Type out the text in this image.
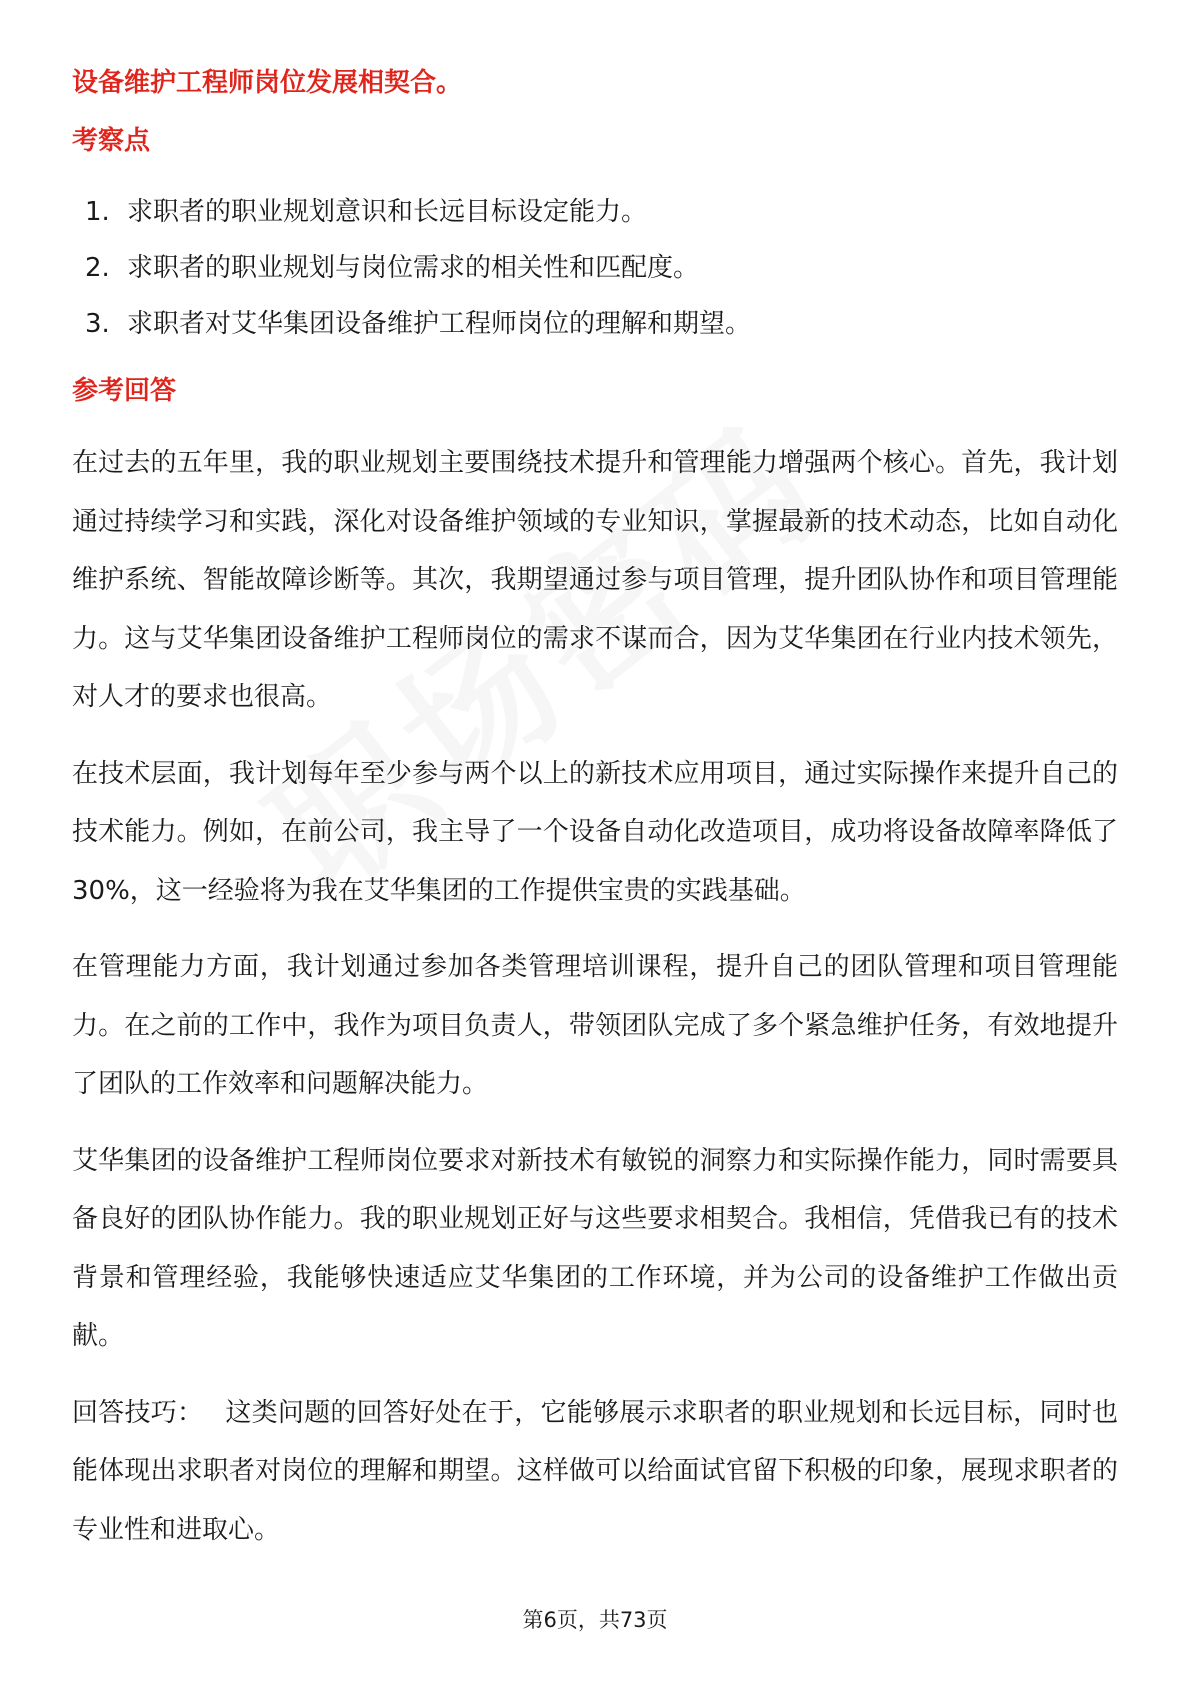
设备维护工程师岗位发展相契合。

考察点
1. 求职者的职业规划意识和长远目标设定能力。
2. 求职者的职业规划与岗位需求的相关性和匹配度。
3. 求职者对艾华集团设备维护工程师岗位的理解和期望。
参考回答

在过去的五年里，我的职业规划主要围绕技术提升和管理能力增强两个核心。首先，我计划通过持续学习和实践，深化对设备维护领域的专业知识，掌握最新的技术动态，比如自动化维护系统、智能故障诊断等。其次，我期望通过参与项目管理，提升团队协作和项目管理能力。这与艾华集团设备维护工程师岗位的需求不谋而合，因为艾华集团在行业内技术领先，对人才的要求也很高。

在技术层面，我计划每年至少参与两个以上的新技术应用项目，通过实际操作来提升自己的技术能力。例如，在前公司，我主导了一个设备自动化改造项目，成功将设备故障率降低了30%，这一经验将为我在艾华集团的工作提供宝贵的实践基础。

在管理能力方面，我计划通过参加各类管理培训课程，提升自己的团队管理和项目管理能力。在之前的工作中，我作为项目负责人，带领团队完成了多个紧急维护任务，有效地提升了团队的工作效率和问题解决能力。

艾华集团的设备维护工程师岗位要求对新技术有敏锐的洞察力和实际操作能力，同时需要具备良好的团队协作能力。我的职业规划正好与这些要求相契合。我相信，凭借我已有的技术背景和管理经验，我能够快速适应艾华集团的工作环境，并为公司的设备维护工作做出贡献。

回答技巧： 这类问题的回答好处在于，它能够展示求职者的职业规划和长远目标，同时也能体现出求职者对岗位的理解和期望。这样做可以给面试官留下积极的印象，展现求职者的专业性和进取心。

第6页，共73页
